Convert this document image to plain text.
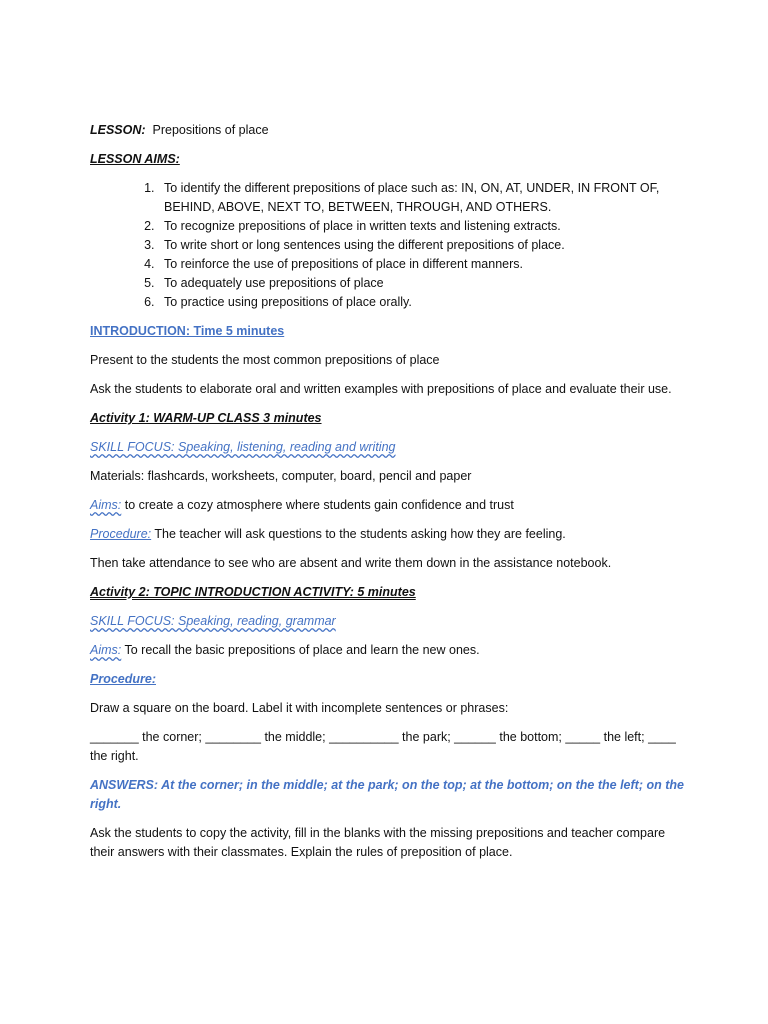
LESSON: Prepositions of place

LESSON AIMS:

1. To identify the different prepositions of place such as: IN, ON, AT, UNDER, IN FRONT OF, BEHIND, ABOVE, NEXT TO, BETWEEN, THROUGH, AND OTHERS.
2. To recognize prepositions of place in written texts and listening extracts.
3. To write short or long sentences using the different prepositions of place.
4. To reinforce the use of prepositions of place in different manners.
5. To adequately use prepositions of place
6. To practice using prepositions of place orally.

INTRODUCTION: Time 5 minutes

Present to the students the most common prepositions of place

Ask the students to elaborate oral and written examples with prepositions of place and evaluate their use.

Activity 1: WARM-UP CLASS 3 minutes

SKILL FOCUS: Speaking, listening, reading and writing

Materials: flashcards, worksheets, computer, board, pencil and paper

Aims: to create a cozy atmosphere where students gain confidence and trust

Procedure: The teacher will ask questions to the students asking how they are feeling.

Then take attendance to see who are absent and write them down in the assistance notebook.

Activity 2: TOPIC INTRODUCTION ACTIVITY: 5 minutes

SKILL FOCUS: Speaking, reading, grammar

Aims: To recall the basic prepositions of place and learn the new ones.

Procedure:

Draw a square on the board. Label it with incomplete sentences or phrases:

_______ the corner; ________ the middle; __________ the park; ______ the bottom; _____ the left; ____ the right.

ANSWERS: At the corner; in the middle; at the park; on the top; at the bottom; on the the left; on the right.

Ask the students to copy the activity, fill in the blanks with the missing prepositions and teacher compare their answers with their classmates. Explain the rules of preposition of place.
